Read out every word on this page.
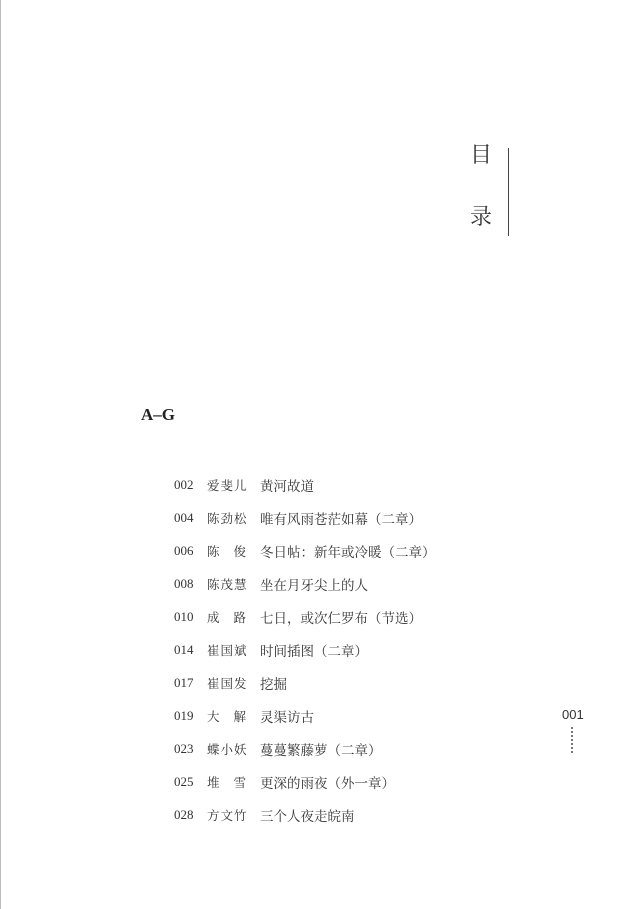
目
录
A–G
002	爱斐儿 黄河故道
004	陈劲松 唯有风雨苍茫如幕（二章）
006	陈 俊 冬日帖：新年或冷暖（二章）
008	陈茂慧 坐在月牙尖上的人
010	成 路 七日，或次仁罗布（节选）
014	崔国斌 时间插图（二章）
017	崔国发 挖掘
019	大 解 灵渠访古
023	蝶小妖 蔓蔓繁藤萝（二章）
025	堆 雪 更深的雨夜（外一章）
028	方文竹 三个人夜走皖南
001
